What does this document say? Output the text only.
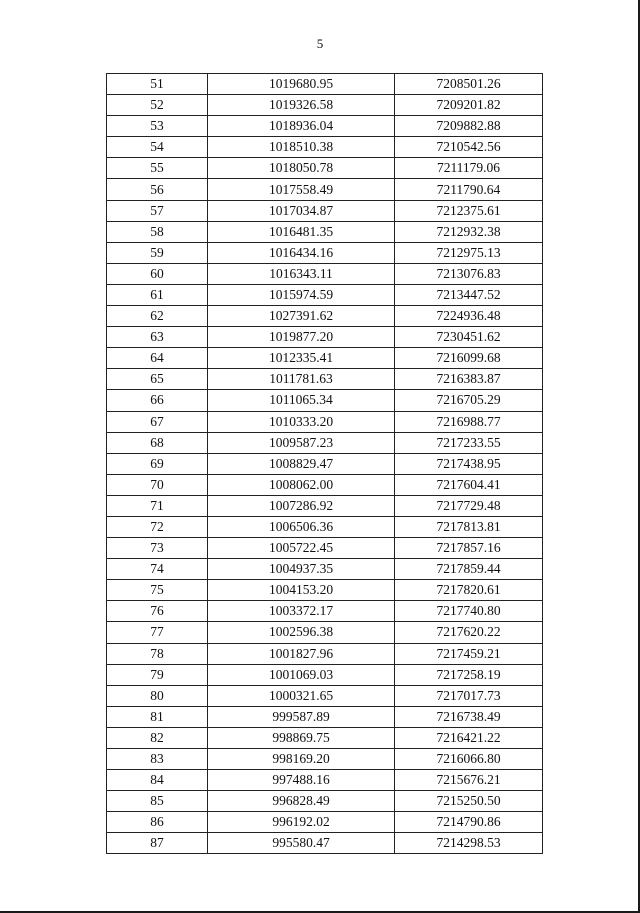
5
51	1019680.95	7208501.26
52	1019326.58	7209201.82
53	1018936.04	7209882.88
54	1018510.38	7210542.56
55	1018050.78	7211179.06
56	1017558.49	7211790.64
57	1017034.87	7212375.61
58	1016481.35	7212932.38
59	1016434.16	7212975.13
60	1016343.11	7213076.83
61	1015974.59	7213447.52
62	1027391.62	7224936.48
63	1019877.20	7230451.62
64	1012335.41	7216099.68
65	1011781.63	7216383.87
66	1011065.34	7216705.29
67	1010333.20	7216988.77
68	1009587.23	7217233.55
69	1008829.47	7217438.95
70	1008062.00	7217604.41
71	1007286.92	7217729.48
72	1006506.36	7217813.81
73	1005722.45	7217857.16
74	1004937.35	7217859.44
75	1004153.20	7217820.61
76	1003372.17	7217740.80
77	1002596.38	7217620.22
78	1001827.96	7217459.21
79	1001069.03	7217258.19
80	1000321.65	7217017.73
81	999587.89	7216738.49
82	998869.75	7216421.22
83	998169.20	7216066.80
84	997488.16	7215676.21
85	996828.49	7215250.50
86	996192.02	7214790.86
87	995580.47	7214298.53
